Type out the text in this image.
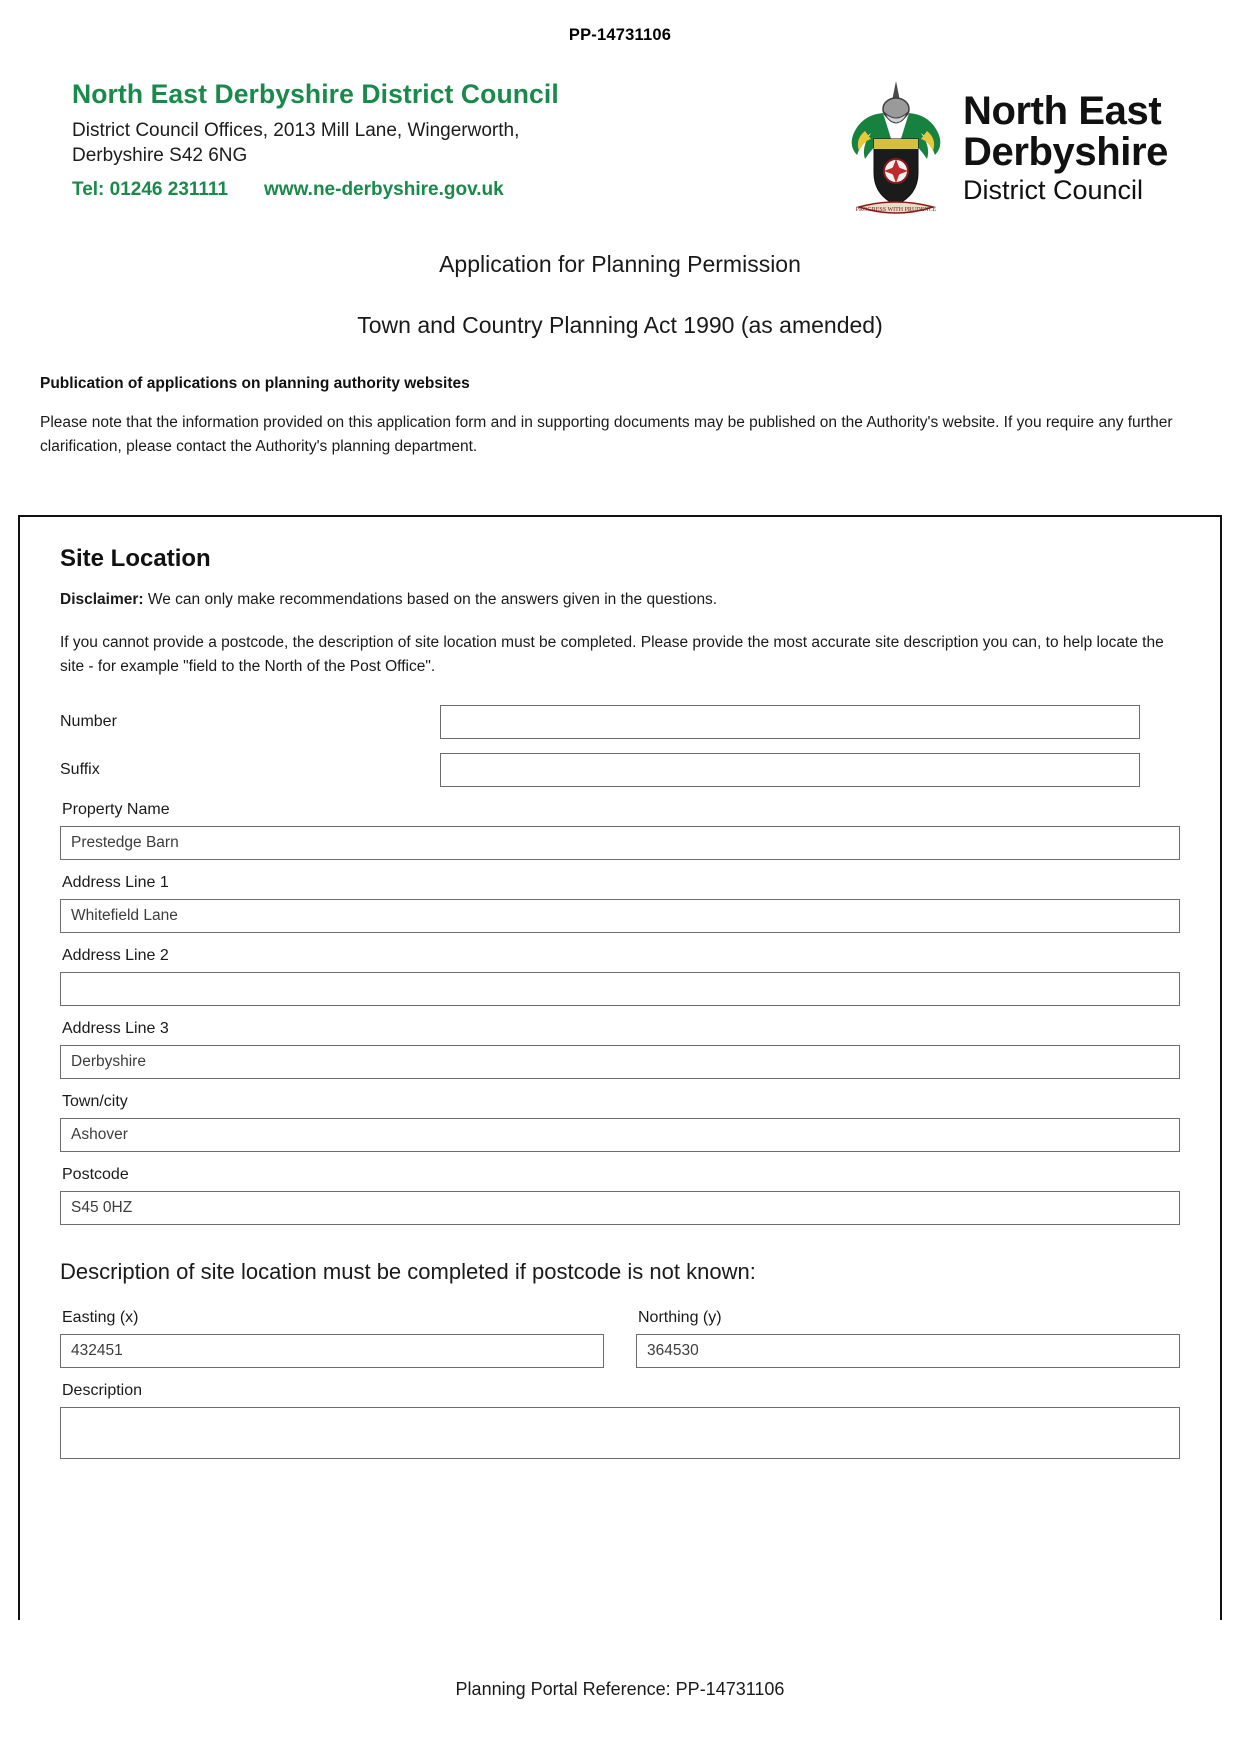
PP-14731106
North East Derbyshire District Council
District Council Offices, 2013 Mill Lane, Wingerworth,
Derbyshire S42 6NG
Tel: 01246 231111 www.ne-derbyshire.gov.uk
PROGRESS WITH PRUDENCE
North East
Derbyshire
District Council
Application for Planning Permission
Town and Country Planning Act 1990 (as amended)
Publication of applications on planning authority websites

Please note that the information provided on this application form and in supporting documents may be published on the Authority's website. If you require any further clarification, please contact the Authority's planning department.

Site Location

Disclaimer: We can only make recommendations based on the answers given in the questions.

If you cannot provide a postcode, the description of site location must be completed. Please provide the most accurate site description you can, to help locate the site - for example "field to the North of the Post Office".

Number
Suffix
Property Name
Prestedge Barn
Address Line 1
Whitefield Lane
Address Line 2
Address Line 3
Derbyshire
Town/city
Ashover
Postcode
S45 0HZ
Description of site location must be completed if postcode is not known:
Easting (x)
432451
Northing (y)
364530
Description
Planning Portal Reference: PP-14731106
